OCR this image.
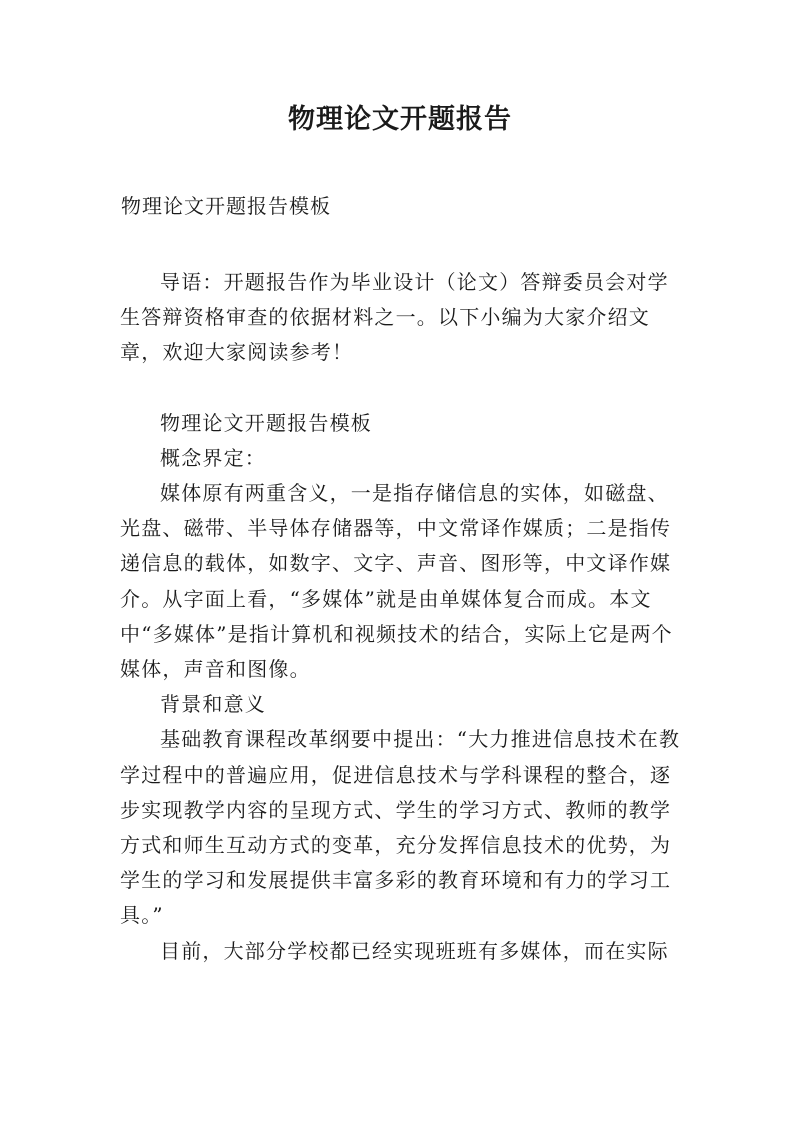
物理论文开题报告
物理论文开题报告模板

导语：开题报告作为毕业设计（论文）答辩委员会对学生答辩资格审查的依据材料之一。以下小编为大家介绍文章，欢迎大家阅读参考！

物理论文开题报告模板

概念界定：

媒体原有两重含义，一是指存储信息的实体，如磁盘、光盘、磁带、半导体存储器等，中文常译作媒质；二是指传递信息的载体，如数字、文字、声音、图形等，中文译作媒介。从字面上看，“多媒体”就是由单媒体复合而成。本文中“多媒体”是指计算机和视频技术的结合，实际上它是两个媒体，声音和图像。

背景和意义

基础教育课程改革纲要中提出：“大力推进信息技术在教学过程中的普遍应用，促进信息技术与学科课程的整合，逐步实现教学内容的呈现方式、学生的学习方式、教师的教学方式和师生互动方式的变革，充分发挥信息技术的优势，为学生的学习和发展提供丰富多彩的教育环境和有力的学习工具。”

目前，大部分学校都已经实现班班有多媒体，而在实际
